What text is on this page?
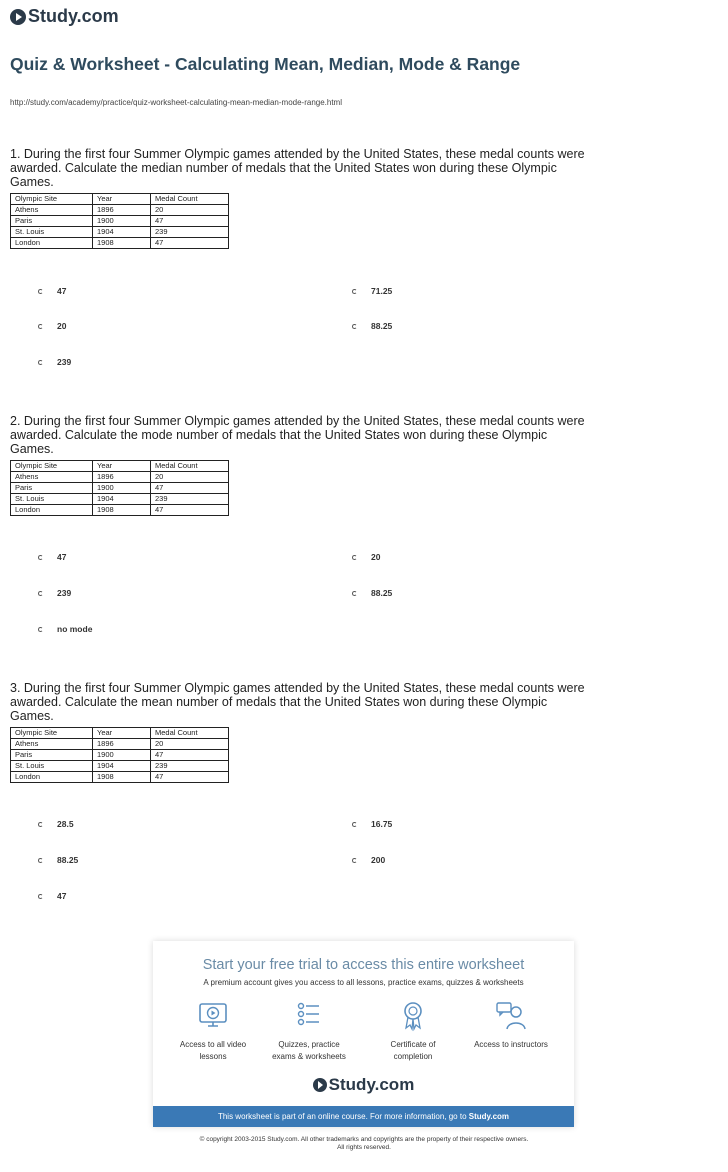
Study.com
Quiz & Worksheet - Calculating Mean, Median, Mode & Range
http://study.com/academy/practice/quiz-worksheet-calculating-mean-median-mode-range.html

1. During the first four Summer Olympic games attended by the United States, these medal counts were awarded. Calculate the median number of medals that the United States won during these Olympic Games.

Olympic Site	Year	Medal Count
Athens	1896	20
Paris	1900	47
St. Louis	1904	239
London	1908	47
47	71.25
20	88.25
239

2. During the first four Summer Olympic games attended by the United States, these medal counts were awarded. Calculate the mode number of medals that the United States won during these Olympic Games.

Olympic Site	Year	Medal Count
Athens	1896	20
Paris	1900	47
St. Louis	1904	239
London	1908	47
47	20
239	88.25
no mode

3. During the first four Summer Olympic games attended by the United States, these medal counts were awarded. Calculate the mean number of medals that the United States won during these Olympic Games.

Olympic Site	Year	Medal Count
Athens	1896	20
Paris	1900	47
St. Louis	1904	239
London	1908	47
28.5	16.75
88.25	200
47
Start your free trial to access this entire worksheet
A premium account gives you access to all lessons, practice exams, quizzes & worksheets
Access to all video lessons
Quizzes, practice exams & worksheets
Certificate of completion
Access to instructors
Study.com
This worksheet is part of an online course. For more information, go to Study.com
© copyright 2003-2015 Study.com. All other trademarks and copyrights are the property of their respective owners.
All rights reserved.
